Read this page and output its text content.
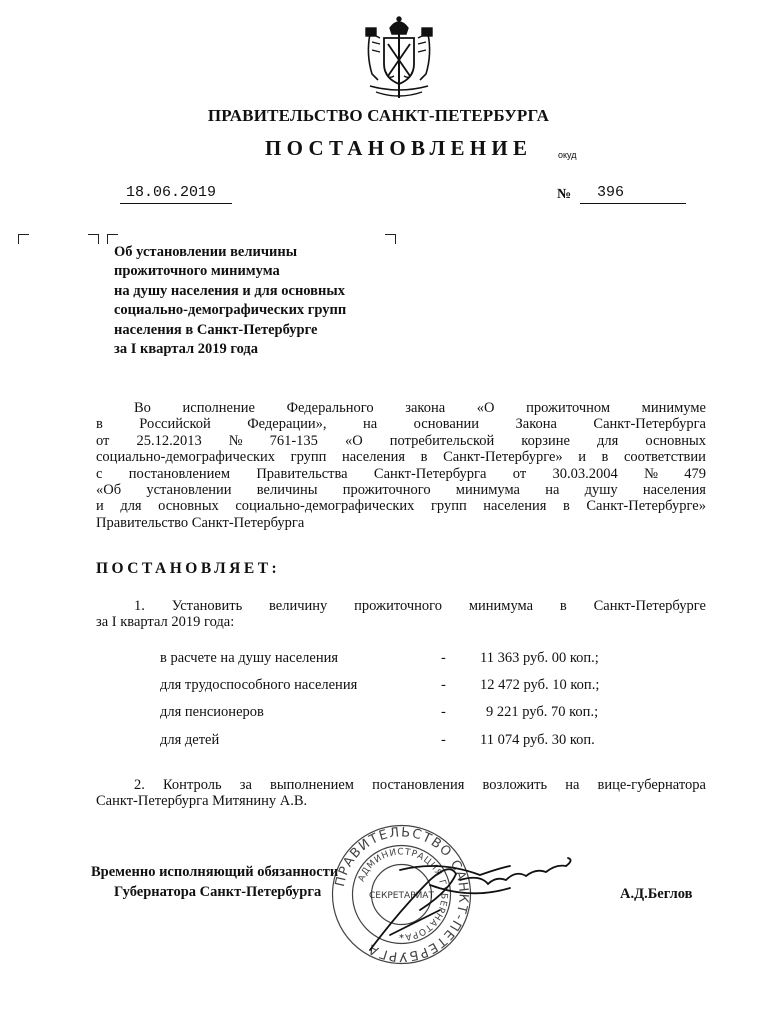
ПРАВИТЕЛЬСТВО САНКТ-ПЕТЕРБУРГА
ПОСТАНОВЛЕНИЕ	окуд
18.06.2019	№ 396
Об установлении величины
прожиточного минимума
на душу населения и для основных
социально-демографических групп
населения в Санкт-Петербурге
за I квартал 2019 года
Во исполнение Федерального закона «О прожиточном минимуме
в	Российской	Федерации»,	на	основании	Закона	Санкт-Петербурга
от 25.12.2013 № 761-135 «О потребительской корзине для основных
социально-демографических групп населения в Санкт-Петербурге» и в соответствии
с постановлением Правительства Санкт-Петербурга от 30.03.2004 № 479
«Об установлении величины прожиточного минимума на душу населения
и для основных социально-демографических групп населения в Санкт-Петербурге»
Правительство Санкт-Петербурга
ПОСТАНОВЛЯЕТ:
1. Установить величину прожиточного минимума в Санкт-Петербурге
за I квартал 2019 года:
в расчете на душу населения	- 11 363 руб. 00 коп.;
для трудоспособного населения	- 12 472 руб. 10 коп.;
для пенсионеров	-	9 221 руб. 70 коп.;
для детей	- 11 074 руб. 30 коп.
2. Контроль за выполнением постановления возложить на вице-губернатора
Санкт-Петербурга Митянину А.В.
Временно исполняющий обязанности
Губернатора Санкт-Петербурга	А.Д.Беглов
ПРАВИТЕЛЬСТВО САНКТ-ПЕТЕРБУРГА
АДМИНИСТРАЦИЯ ГУБЕРНАТОРА
СЕКРЕТАРИАТ
*
